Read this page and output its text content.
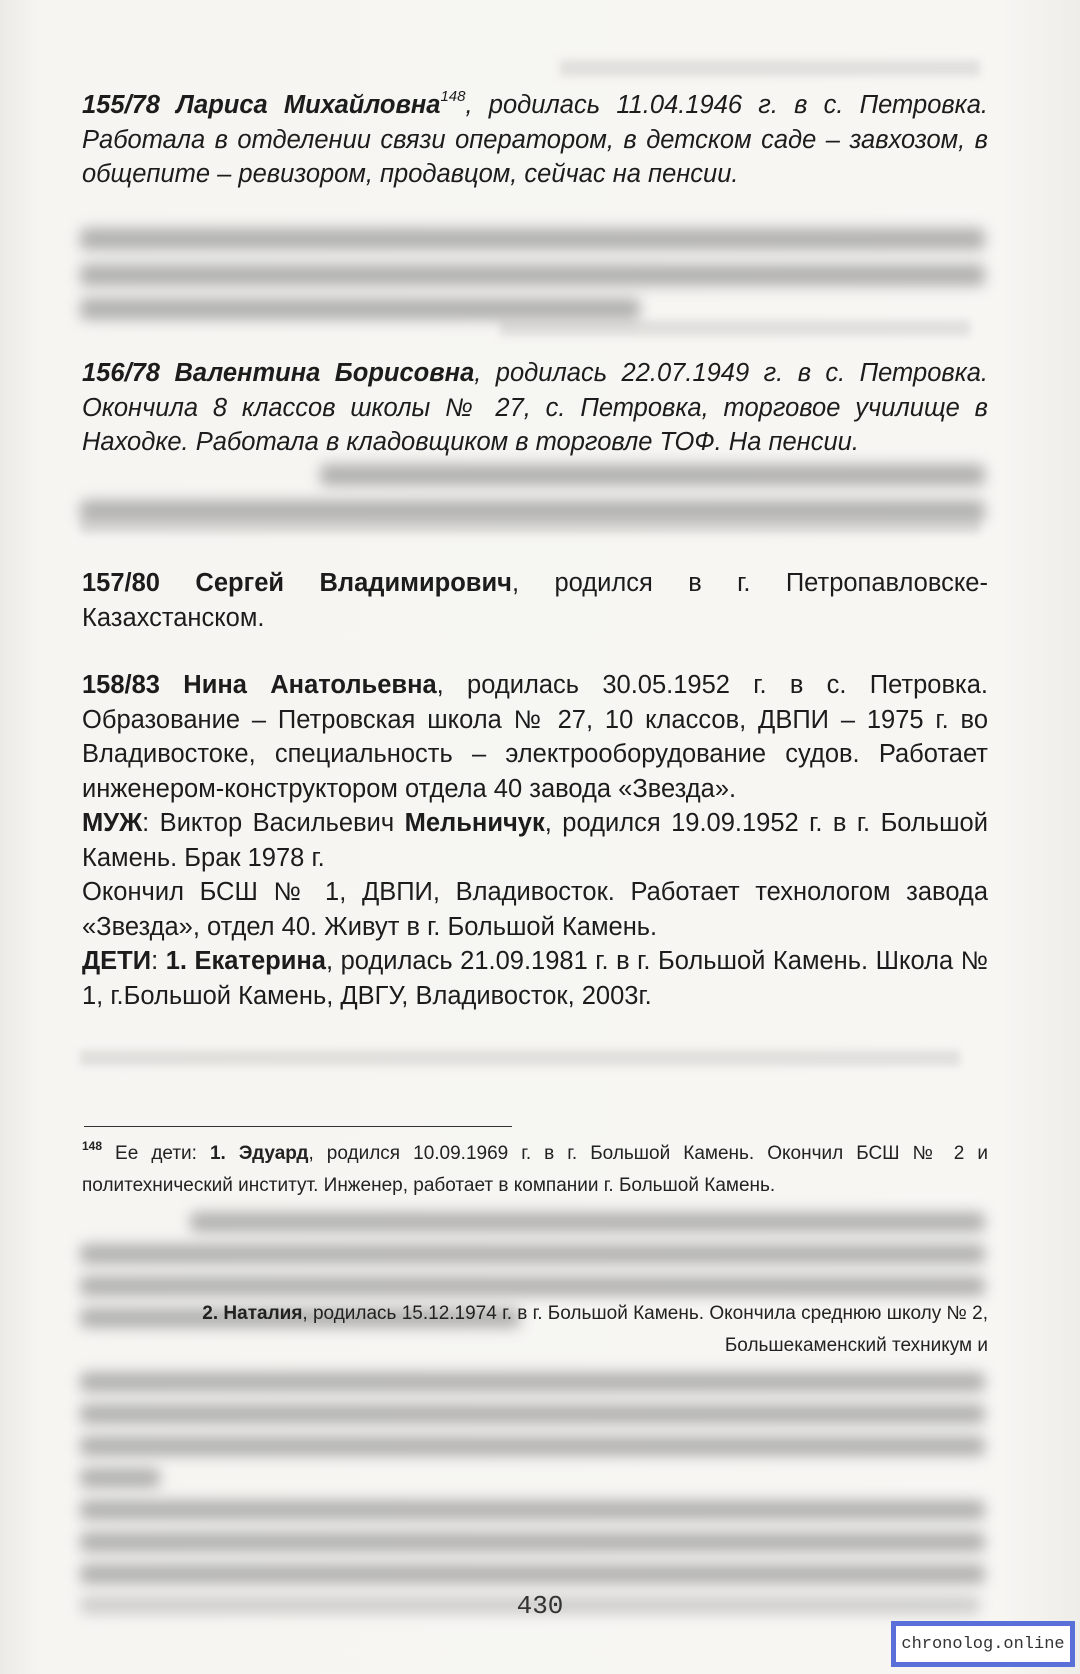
155/78 Лариса Михайловна$^{148}$, родилась 11.04.1946 г. в с. Петровка. Работала в отделении связи оператором, в детском саде – завхозом, в общепите – ревизором, продавцом, сейчас на пенсии.

156/78 Валентина Борисовна, родилась 22.07.1949 г. в с. Петровка. Окончила 8 классов школы № 27, с. Петровка, торговое училище в Находке. Работала в кладовщиком в торговле ТОФ. На пенсии.

157/80 Сергей Владимирович, родился в г. Петропавловске-Казахстанском.

158/83 Нина Анатольевна, родилась 30.05.1952 г. в с. Петровка. Образование – Петровская школа № 27, 10 классов, ДВПИ – 1975 г. во Владивостоке, специальность – электрооборудование судов. Работает инженером-конструктором отдела 40 завода «Звезда».

МУЖ: Виктор Васильевич Мельничук, родился 19.09.1952 г. в г. Большой Камень. Брак 1978 г.

Окончил БСШ № 1, ДВПИ, Владивосток. Работает технологом завода «Звезда», отдел 40. Живут в г. Большой Камень.

ДЕТИ: 1. Екатерина, родилась 21.09.1981 г. в г. Большой Камень. Школа № 1, г.Большой Камень, ДВГУ, Владивосток, 2003г.

$^{148}$ Ее дети: 1. Эдуард, родился 10.09.1969 г. в г. Большой Камень. Окончил БСШ № 2 и политехнический институт. Инженер, работает в компании г. Большой Камень.

2. Наталия, родилась 15.12.1974 г. в г. Большой Камень. Окончила среднюю школу № 2, Большекаменский техникум и

430
chronolog.online
